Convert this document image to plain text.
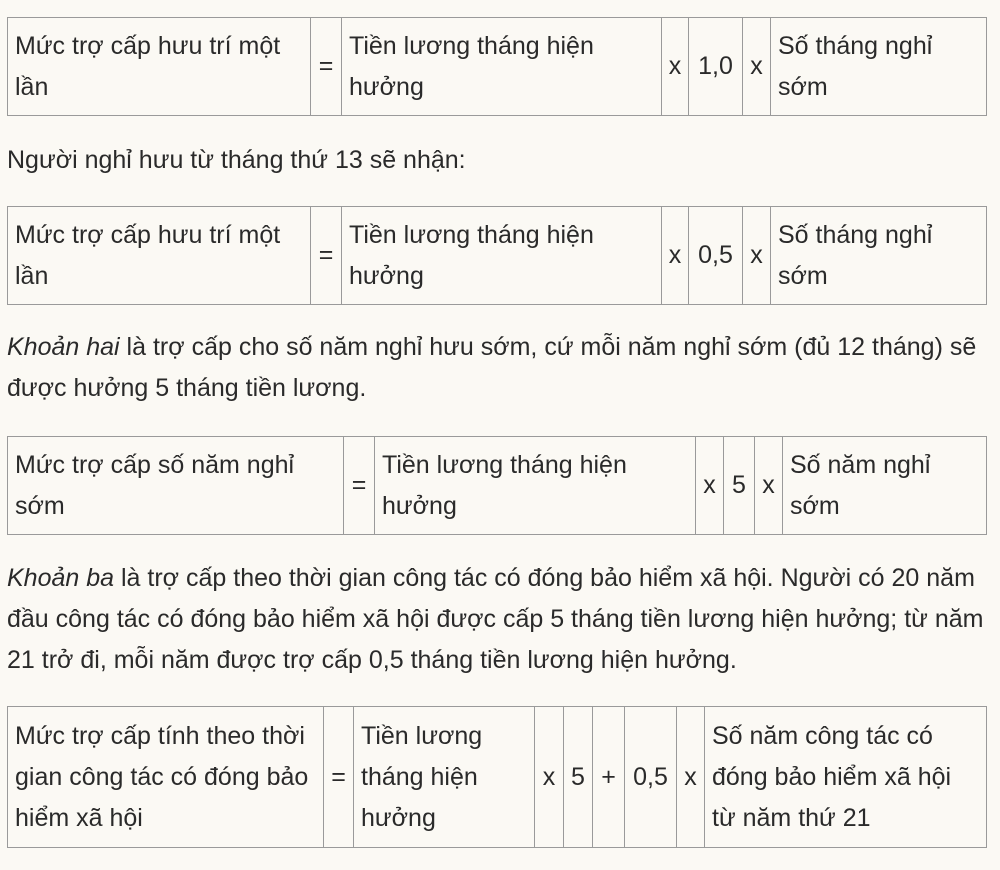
Mức trợ cấp hưu trí một lần	=	Tiền lương tháng hiện hưởng	x	1,0	x	Số tháng nghỉ sớm

Người nghỉ hưu từ tháng thứ 13 sẽ nhận:

Mức trợ cấp hưu trí một lần	=	Tiền lương tháng hiện hưởng	x	0,5	x	Số tháng nghỉ sớm

Khoản hai là trợ cấp cho số năm nghỉ hưu sớm, cứ mỗi năm nghỉ sớm (đủ 12 tháng) sẽ được hưởng 5 tháng tiền lương.

Mức trợ cấp số năm nghỉ sớm	=	Tiền lương tháng hiện hưởng	x	5	x	Số năm nghỉ sớm

Khoản ba là trợ cấp theo thời gian công tác có đóng bảo hiểm xã hội. Người có 20 năm đầu công tác có đóng bảo hiểm xã hội được cấp 5 tháng tiền lương hiện hưởng; từ năm 21 trở đi, mỗi năm được trợ cấp 0,5 tháng tiền lương hiện hưởng.

Mức trợ cấp tính theo thời gian công tác có đóng bảo hiểm xã hội	=	Tiền lương tháng hiện hưởng	x	5	+	0,5	x	Số năm công tác có đóng bảo hiểm xã hội từ năm thứ 21
